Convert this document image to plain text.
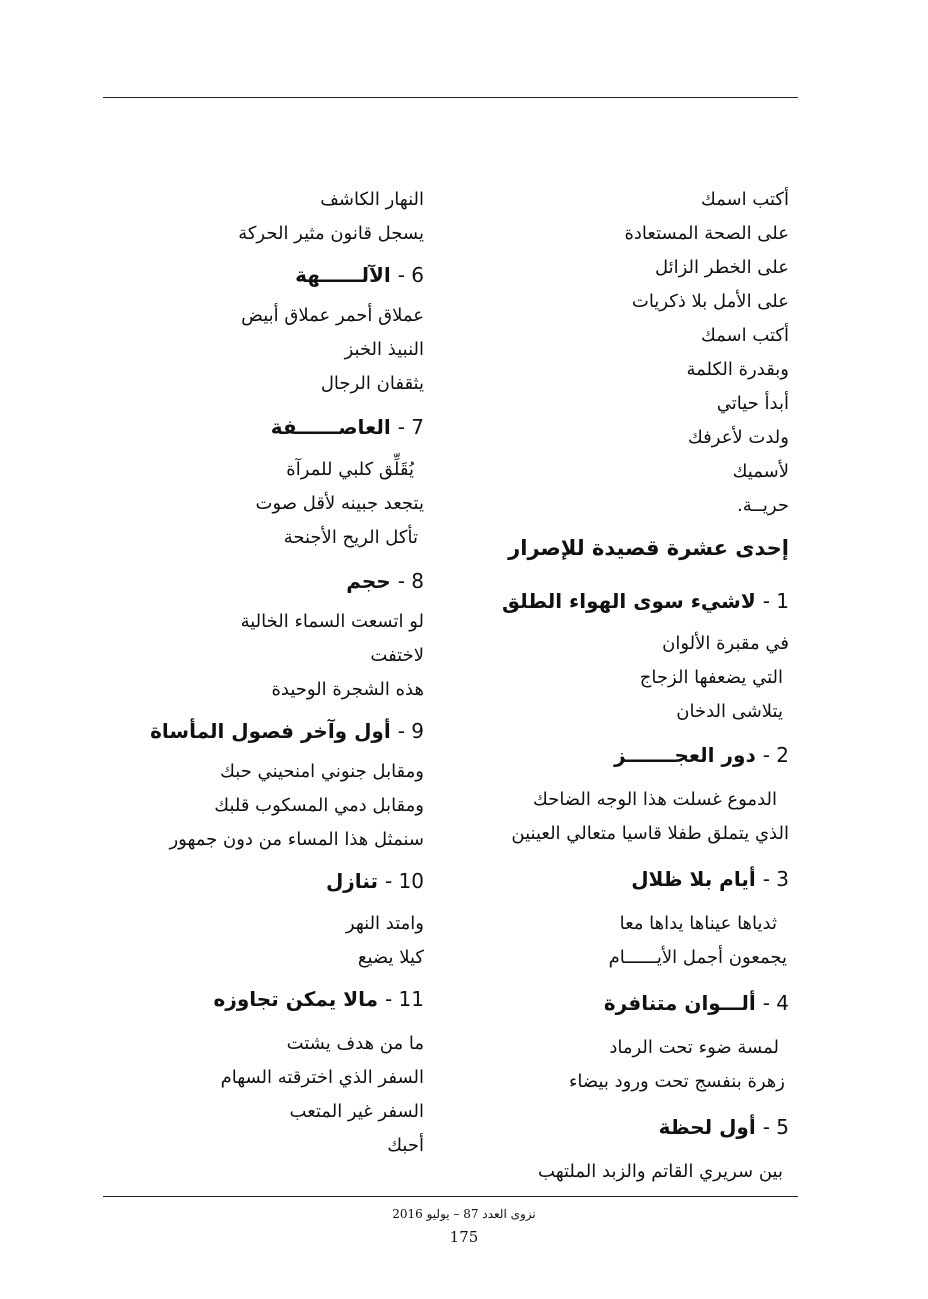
أكتب اسمك
على الصحة المستعادة
على الخطر الزائل
على الأمل بلا ذكريات
أكتب اسمك
وبقدرة الكلمة
أبدأ حياتي
ولدت لأعرفك
لأسميك
حريــة.
إحدى عشرة قصيدة للإصرار
1 - لاشيء سوى الهواء الطلق
في مقبرة الألوان
التي يضعفها الزجاج
يتلاشى الدخان
2 - دور العجـــــــز
الدموع غسلت هذا الوجه الضاحك
الذي يتملق طفلا قاسيا متعالي العينين
3 - أيام بلا ظلال
ثدياها عيناها يداها معا
يجمعون أجمل الأيــــــام
4 - ألـــوان متنافرة
لمسة ضوء تحت الرماد
زهرة بنفسج تحت ورود بيضاء
5 - أول لحظة
بين سريري القاتم والزبد الملتهب
النهار الكاشف
يسجل قانون مثير الحركة
6 - الآلــــــهة
عملاق أحمر عملاق أبيض
النبيذ الخبز
يثقفان الرجال
7 - العاصــــــفة
يُقَلِّق كلبي للمرآة
يتجعد جبينه لأقل صوت
تأكل الريح الأجنحة
8 - حجم
لو اتسعت السماء الخالية
لاختفت
هذه الشجرة الوحيدة
9 - أول وآخر فصول المأساة
ومقابل جنوني امنحيني حبك
ومقابل دمي المسكوب قلبك
سنمثل هذا المساء من دون جمهور
10 - تنازل
وامتد النهر
كيلا يضيع
11 - مالا يمكن تجاوزه
ما من هدف يشتت
السفر الذي اخترقته السهام
السفر غير المتعب
أحبك
نزوى العدد 87 – يوليو 2016
175
